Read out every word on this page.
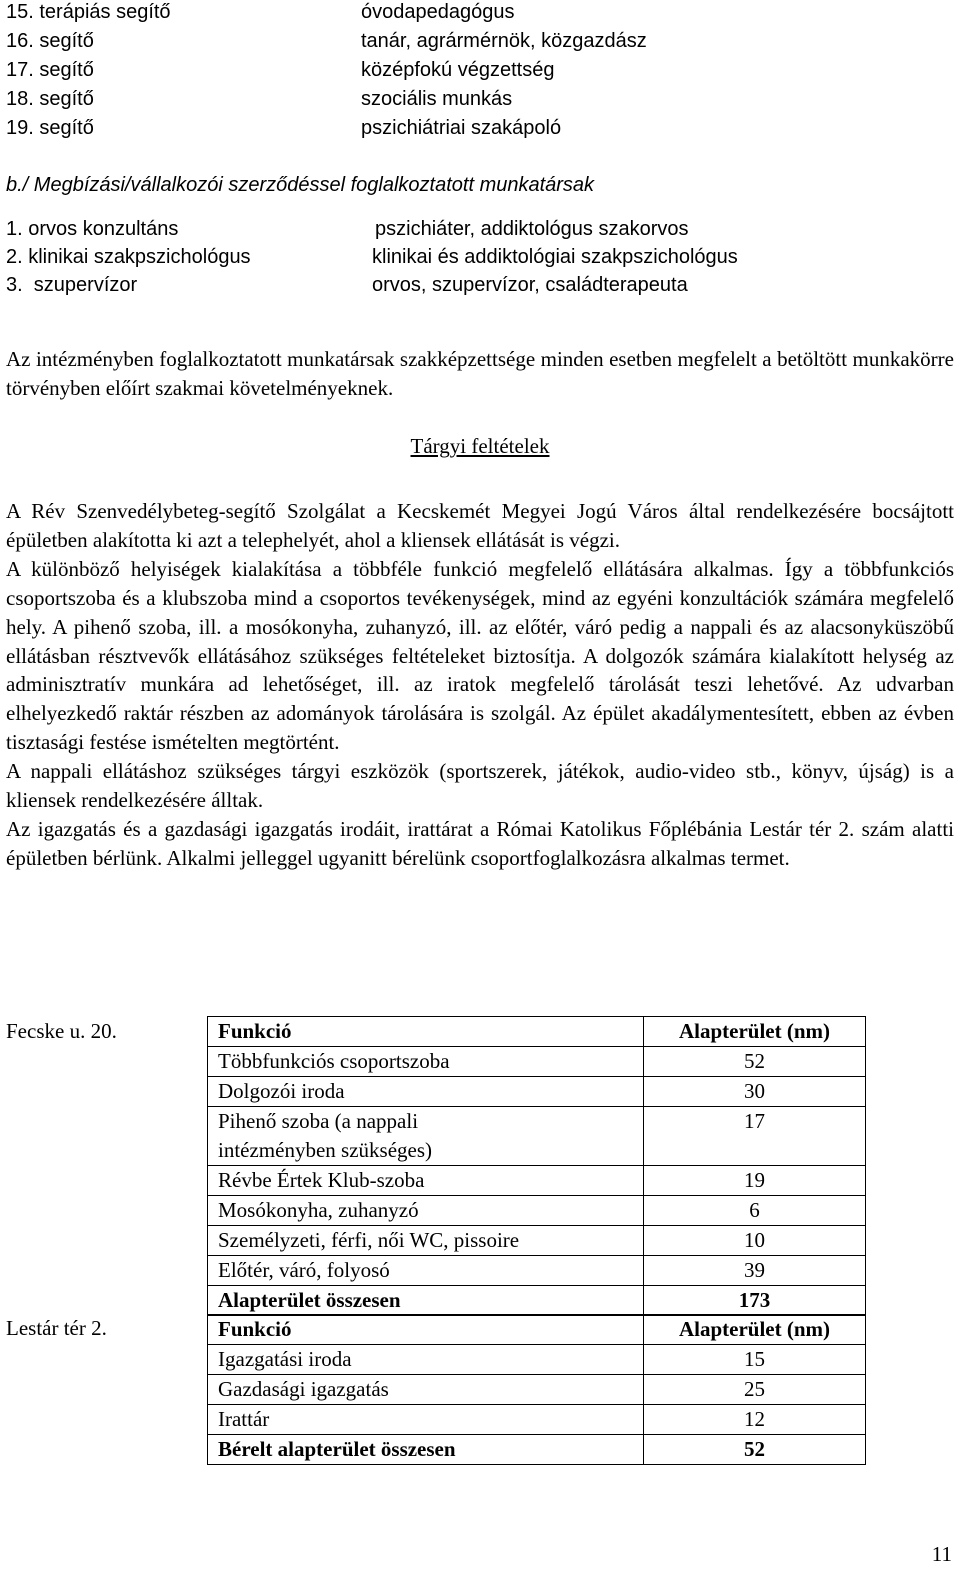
15. terápiás segítő	óvodapedagógus
16. segítő	tanár, agrármérnök, közgazdász
17. segítő	középfokú végzettség
18. segítő	szociális munkás
19. segítő	pszichiátriai szakápoló
b./ Megbízási/vállalkozói szerződéssel foglalkoztatott munkatársak
1. orvos konzultáns	pszichiáter, addiktológus szakorvos
2. klinikai szakpszichológus	klinikai és addiktológiai szakpszichológus
3.  szupervízor	orvos, szupervízor, családterapeuta

Az intézményben foglalkoztatott munkatársak szakképzettsége minden esetben megfelelt a betöltött munkakörre törvényben előírt szakmai követelményeknek.

Tárgyi feltételek

A Rév Szenvedélybeteg-segítő Szolgálat a Kecskemét Megyei Jogú Város által rendelkezésére bocsájtott épületben alakította ki azt a telephelyét, ahol a kliensek ellátását is végzi.

A különböző helyiségek kialakítása a többféle funkció megfelelő ellátására alkalmas. Így a többfunkciós csoportszoba és a klubszoba mind a csoportos tevékenységek, mind az egyéni konzultációk számára megfelelő hely. A pihenő szoba, ill. a mosókonyha, zuhanyzó, ill. az előtér, váró pedig a nappali és az alacsonyküszöbű ellátásban résztvevők ellátásához szükséges feltételeket biztosítja. A dolgozók számára kialakított helység az adminisztratív munkára ad lehetőséget, ill. az iratok megfelelő tárolását teszi lehetővé. Az udvarban elhelyezkedő raktár részben az adományok tárolására is szolgál. Az épület akadálymentesített, ebben az évben tisztasági festése ismételten megtörtént.

A nappali ellátáshoz szükséges tárgyi eszközök (sportszerek, játékok, audio-video stb., könyv, újság) is a kliensek rendelkezésére álltak.

Az igazgatás és a gazdasági igazgatás irodáit, irattárat a Római Katolikus Főplébánia Lestár tér 2. szám alatti épületben bérlünk. Alkalmi jelleggel ugyanitt bérelünk csoportfoglalkozásra alkalmas termet.

Fecske u. 20.	Funkció	Alapterület (nm)
Többfunkciós csoportszoba	52
Dolgozói iroda	30
Pihenő szoba (a nappali intézményben szükséges)	17
Révbe Értek Klub-szoba	19
Mosókonyha, zuhanyzó	6
Személyzeti, férfi, női WC, pissoire	10
Előtér, váró, folyosó	39
Alapterület összesen	173
Lestár tér 2.	Funkció	Alapterület (nm)
Igazgatási iroda	15
Gazdasági igazgatás	25
Irattár	12
Bérelt alapterület összesen	52
11
